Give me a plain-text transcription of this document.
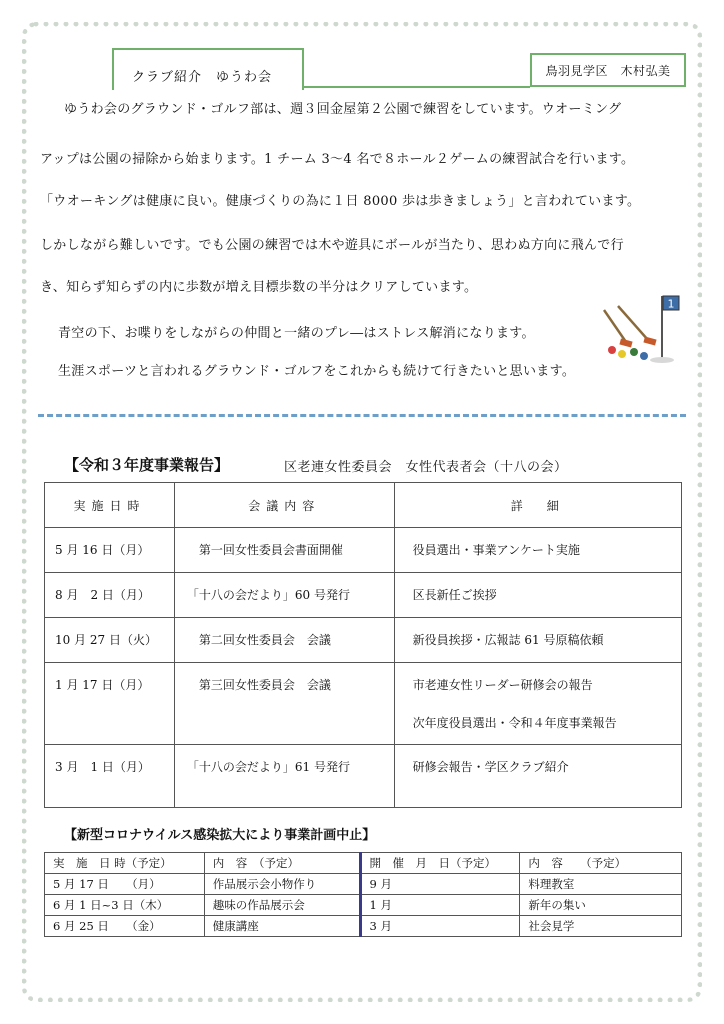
クラブ紹介　ゆうわ会	鳥羽見学区　木村弘美
ゆうわ会のグラウンド・ゴルフ部は、週３回金屋第２公園で練習をしています。ウオーミング
アップは公園の掃除から始まります。1 チーム 3〜4 名で８ホール２ゲームの練習試合を行います。
「ウオーキングは健康に良い。健康づくりの為に１日 8000 歩は歩きましょう」と言われています。
しかしながら難しいです。でも公園の練習では木や遊具にボールが当たり、思わぬ方向に飛んで行
き、知らず知らずの内に歩数が増え目標歩数の半分はクリアしています。
青空の下、お喋りをしながらの仲間と一緒のプレ―はストレス解消になります。
生涯スポーツと言われるグラウンド・ゴルフをこれからも続けて行きたいと思います。
1
【令和３年度事業報告】	区老連女性委員会　女性代表者会（十八の会）
実施日時	会議内容	詳　細
5 月 16 日（月）	第一回女性委員会書面開催	役員選出・事業アンケート実施
8 月　2 日（月）	「十八の会だより」60 号発行	区長新任ご挨拶
10 月 27 日（火）	第二回女性委員会　会議	新役員挨拶・広報誌 61 号原稿依頼
1 月 17 日（月）	第三回女性委員会　会議	市老連女性リーダー研修会の報告
次年度役員選出・令和４年度事業報告

3 月　1 日（月）	「十八の会だより」61 号発行	研修会報告・学区クラブ紹介
【新型コロナウイルス感染拡大により事業計画中止】
実　施　日 時（予定）	内　容　（予定）	開　催　月　日（予定）	内　容　　（予定）
5 月 17 日　　（月）	作品展示会小物作り	9 月	料理教室
6 月 1 日~3 日（木）	趣味の作品展示会	1 月	新年の集い
6 月 25 日　　（金）	健康講座	3 月	社会見学
